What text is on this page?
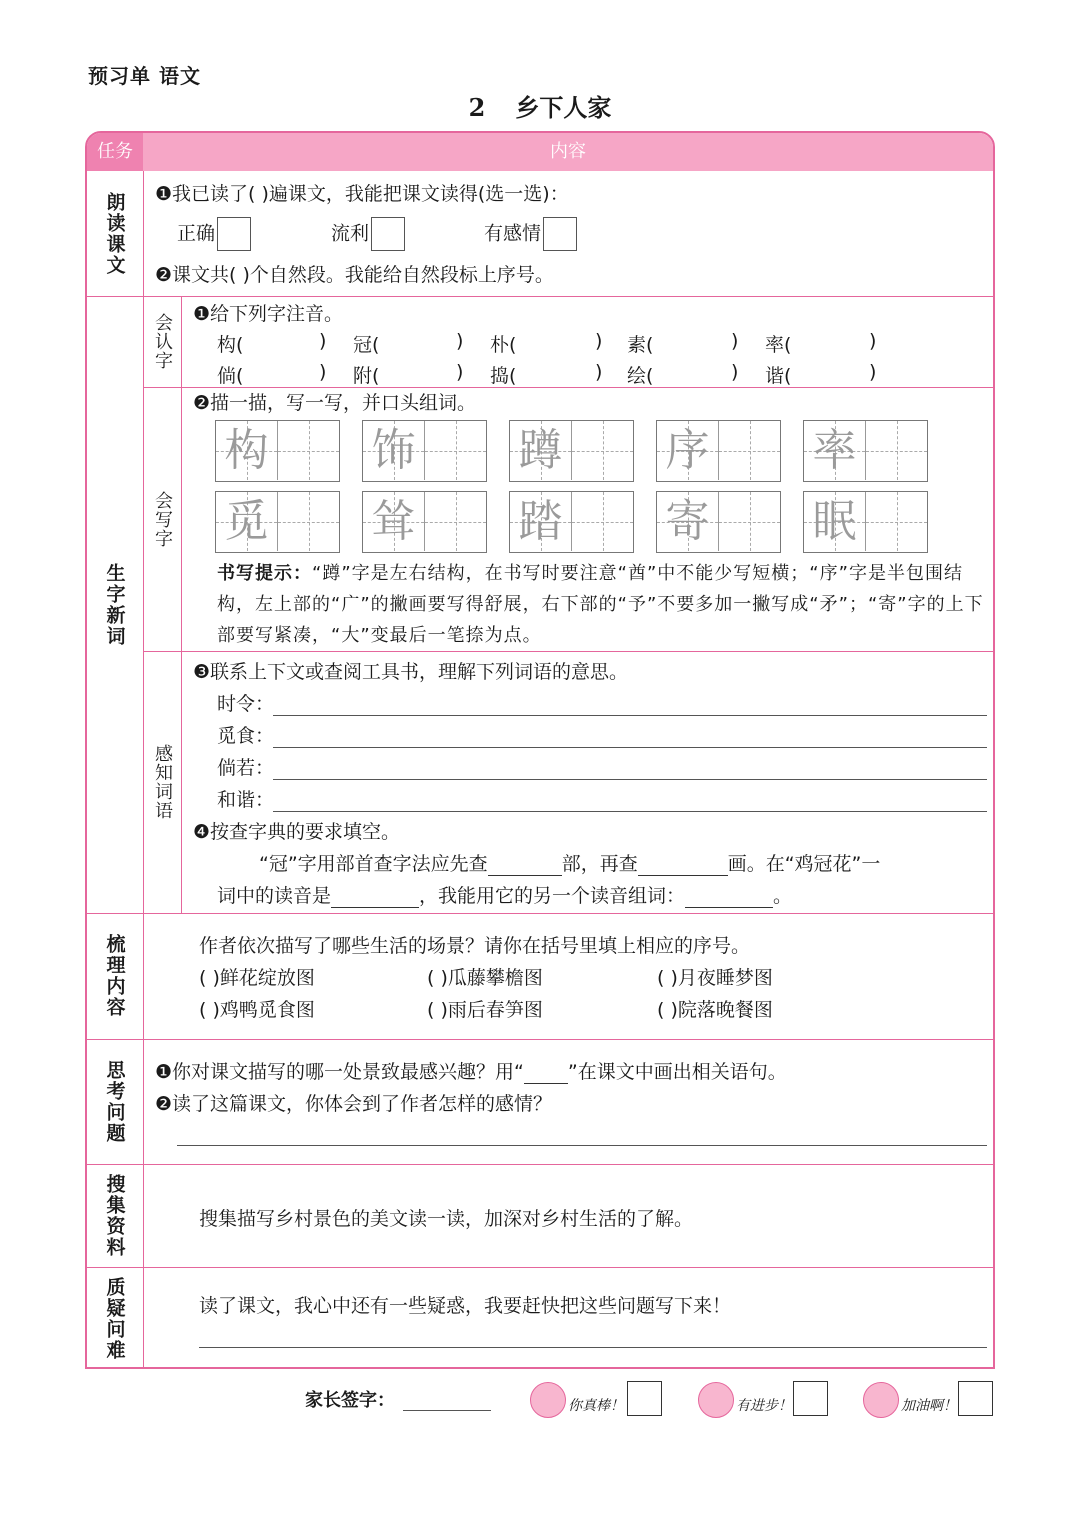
预习单 语文
2 乡下人家
任务	内容
朗读课文 ❶我已读了( )遍课文，我能把课文读得(选一选)：
正确	流利	有感情
❷课文共( )个自然段。我能给自然段标上序号。
生字新词
会认字 ❶给下列字注音。
构(	) 冠(	) 朴(	) 素(	) 率(	)
倘(	) 附(	) 捣(	) 绘(	) 谐(	)
会写字
❷描一描，写一写，并口头组词。
构 饰 蹲 序 率
觅 耸 踏 寄 眠
书写提示：“蹲”字是左右结构，在书写时要注意“酋”中不能少写短横；“序”字是半包围结构，左上部的“广”的撇画要写得舒展，右下部的“予”不要多加一撇写成“矛”；“寄”字的上下部要写紧凑，“大”变最后一笔捺为点。
感知词语
❸联系上下文或查阅工具书，理解下列词语的意思。
时令：
觅食：
倘若：
和谐：
❹按查字典的要求填空。
“冠”字用部首查字法应先查	部，再查	画。在“鸡冠花”一
词中的读音是	，我能用它的另一个读音组词：	。
梳理内容	作者依次描写了哪些生活的场景？请你在括号里填上相应的序号。
( )鲜花绽放图	( )瓜藤攀檐图	( )月夜睡梦图
( )鸡鸭觅食图	( )雨后春笋图	( )院落晚餐图
思考问题 ❶你对课文描写的哪一处景致最感兴趣？用“ ”在课文中画出相关语句。
❷读了这篇课文，你体会到了作者怎样的感情？
搜集资料	搜集描写乡村景色的美文读一读，加深对乡村生活的了解。
质疑问难	读了课文，我心中还有一些疑惑，我要赶快把这些问题写下来！
家长签字：	你真棒！	有进步！	加油啊！
